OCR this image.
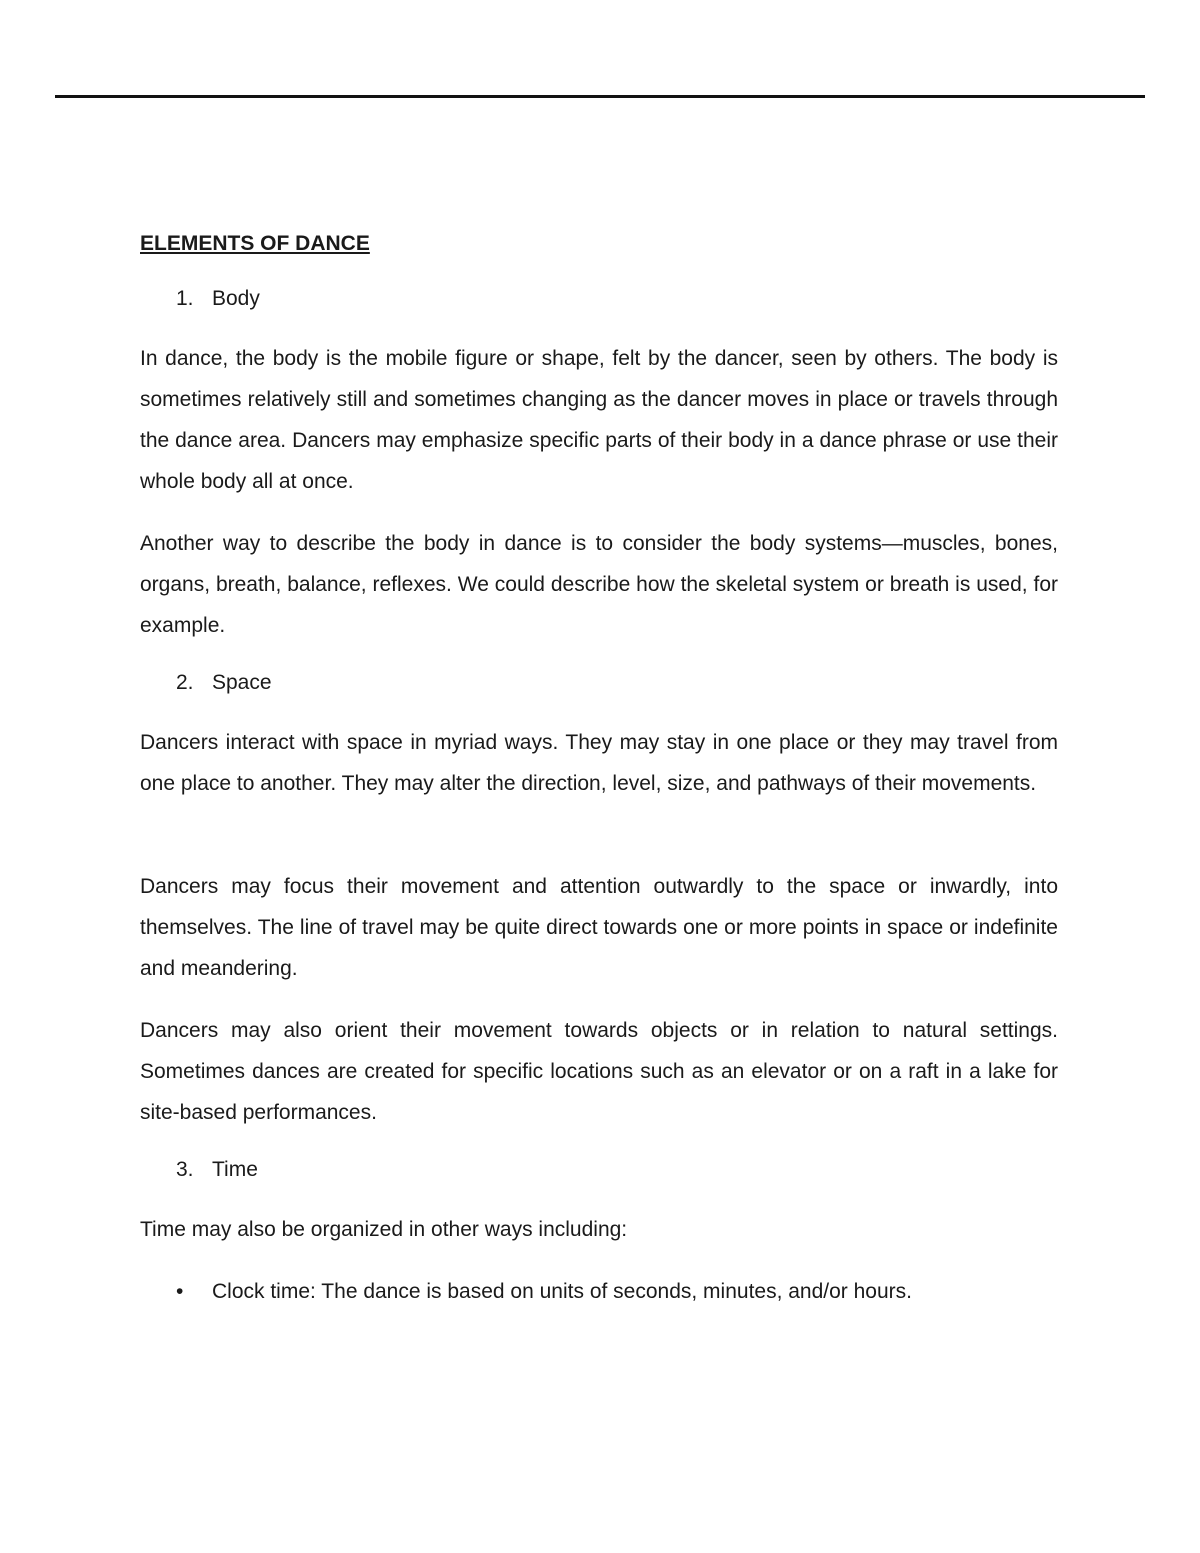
ELEMENTS OF DANCE
1. Body

In dance, the body is the mobile figure or shape, felt by the dancer, seen by others. The body is sometimes relatively still and sometimes changing as the dancer moves in place or travels through the dance area. Dancers may emphasize specific parts of their body in a dance phrase or use their whole body all at once.

Another way to describe the body in dance is to consider the body systems—muscles, bones, organs, breath, balance, reflexes. We could describe how the skeletal system or breath is used, for example.

2. Space

Dancers interact with space in myriad ways. They may stay in one place or they may travel from one place to another. They may alter the direction, level, size, and pathways of their movements.

Dancers may focus their movement and attention outwardly to the space or inwardly, into themselves. The line of travel may be quite direct towards one or more points in space or indefinite and meandering.

Dancers may also orient their movement towards objects or in relation to natural settings. Sometimes dances are created for specific locations such as an elevator or on a raft in a lake for site-based performances.

3. Time

Time may also be organized in other ways including:

• Clock time: The dance is based on units of seconds, minutes, and/or hours.
